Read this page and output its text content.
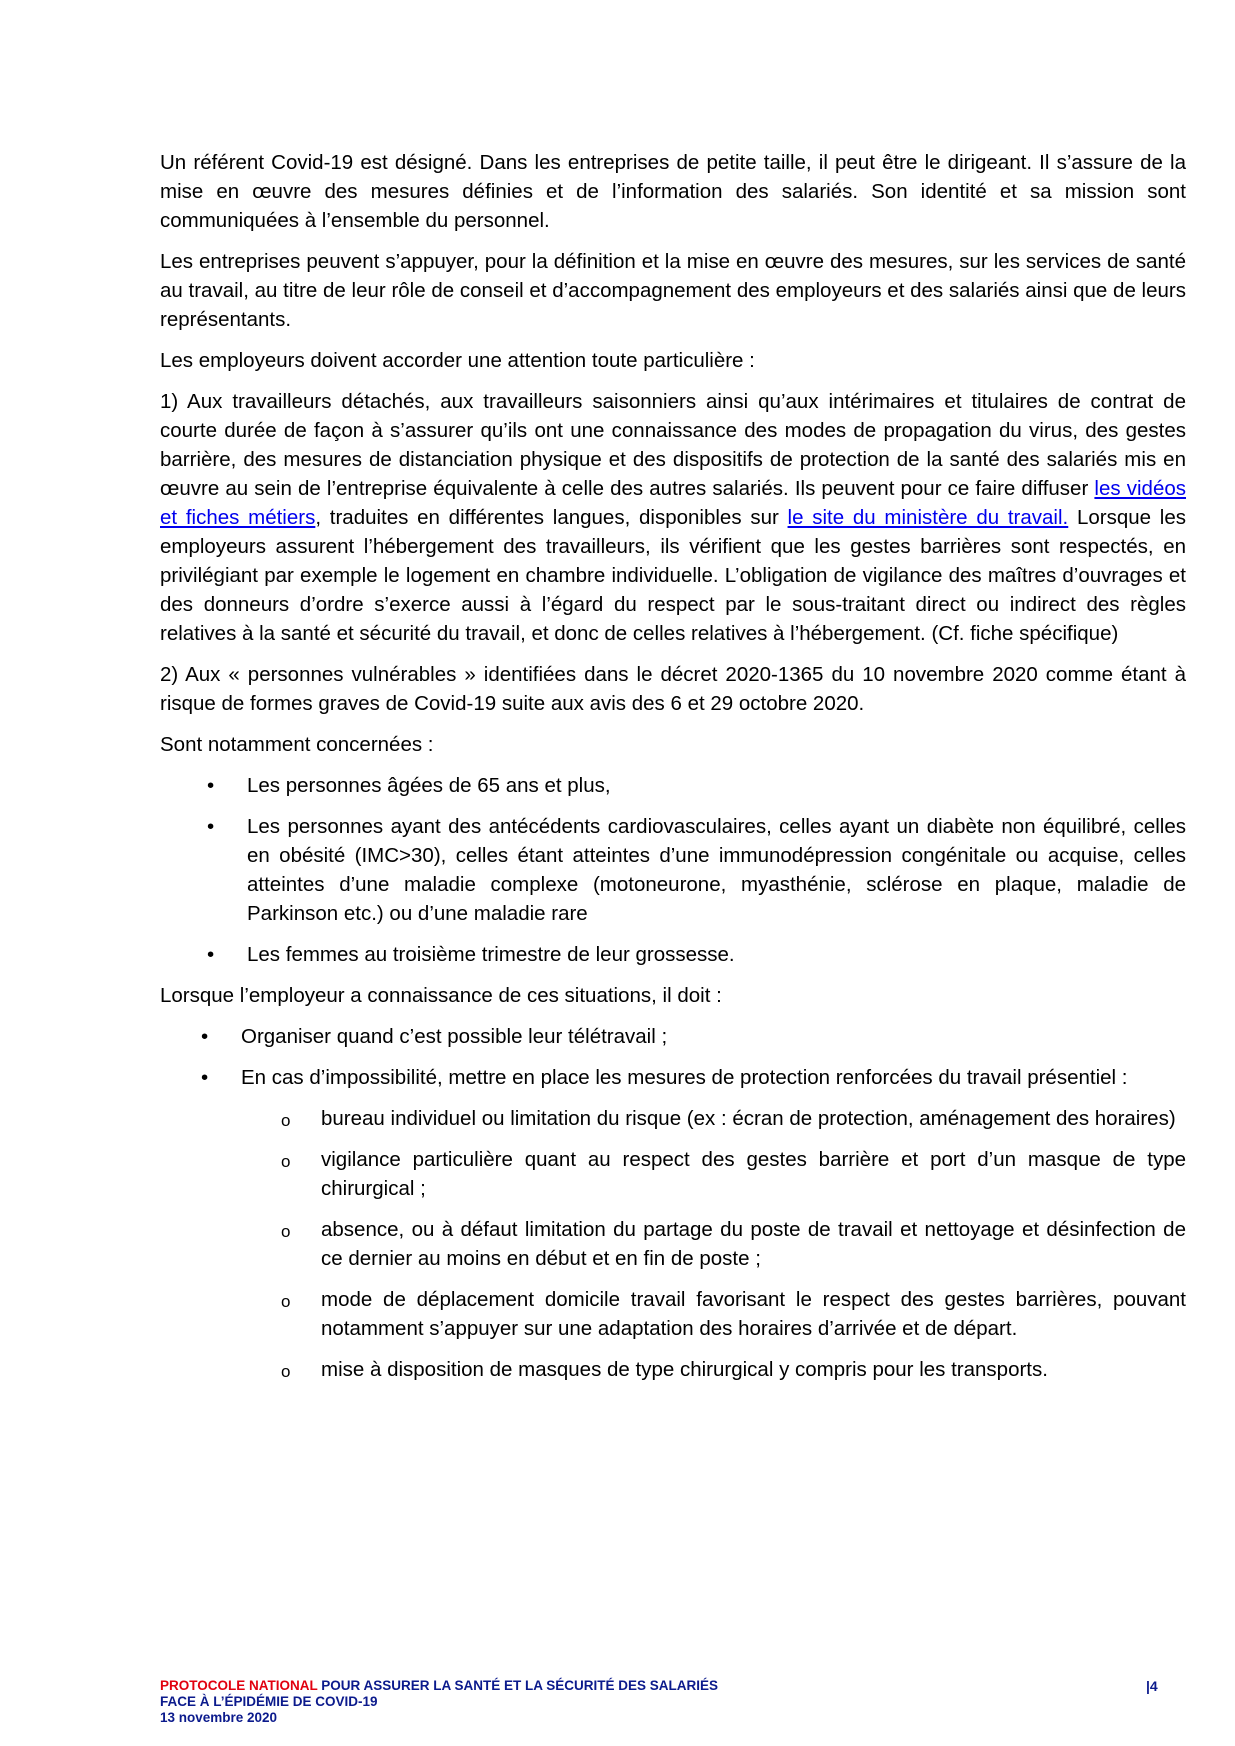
Un référent Covid-19 est désigné. Dans les entreprises de petite taille, il peut être le dirigeant. Il s’assure de la mise en œuvre des mesures définies et de l’information des salariés. Son identité et sa mission sont communiquées à l’ensemble du personnel.

Les entreprises peuvent s’appuyer, pour la définition et la mise en œuvre des mesures, sur les services de santé au travail, au titre de leur rôle de conseil et d’accompagnement des employeurs et des salariés ainsi que de leurs représentants.

Les employeurs doivent accorder une attention toute particulière :

1) Aux travailleurs détachés, aux travailleurs saisonniers ainsi qu’aux intérimaires et titulaires de contrat de courte durée de façon à s’assurer qu’ils ont une connaissance des modes de propagation du virus, des gestes barrière, des mesures de distanciation physique et des dispositifs de protection de la santé des salariés mis en œuvre au sein de l’entreprise équivalente à celle des autres salariés. Ils peuvent pour ce faire diffuser les vidéos et fiches métiers, traduites en différentes langues, disponibles sur le site du ministère du travail. Lorsque les employeurs assurent l’hébergement des travailleurs, ils vérifient que les gestes barrières sont respectés, en privilégiant par exemple le logement en chambre individuelle. L’obligation de vigilance des maîtres d’ouvrages et des donneurs d’ordre s’exerce aussi à l’égard du respect par le sous-traitant direct ou indirect des règles relatives à la santé et sécurité du travail, et donc de celles relatives à l’hébergement. (Cf. fiche spécifique)

2) Aux « personnes vulnérables » identifiées dans le décret 2020-1365 du 10 novembre 2020 comme étant à risque de formes graves de Covid-19 suite aux avis des 6 et 29 octobre 2020.

Sont notamment concernées :

• Les personnes âgées de 65 ans et plus,
• Les personnes ayant des antécédents cardiovasculaires, celles ayant un diabète non équilibré, celles en obésité (IMC>30), celles étant atteintes d’une immunodépression congénitale ou acquise, celles atteintes d’une maladie complexe (motoneurone, myasthénie, sclérose en plaque, maladie de Parkinson etc.) ou d’une maladie rare
• Les femmes au troisième trimestre de leur grossesse.

Lorsque l’employeur a connaissance de ces situations, il doit :

• Organiser quand c’est possible leur télétravail ;
• En cas d’impossibilité, mettre en place les mesures de protection renforcées du travail présentiel :
o bureau individuel ou limitation du risque (ex : écran de protection, aménagement des horaires)
o vigilance particulière quant au respect des gestes barrière et port d’un masque de type chirurgical ;
o absence, ou à défaut limitation du partage du poste de travail et nettoyage et désinfection de ce dernier au moins en début et en fin de poste ;
o mode de déplacement domicile travail favorisant le respect des gestes barrières, pouvant notamment s’appuyer sur une adaptation des horaires d’arrivée et de départ.
o mise à disposition de masques de type chirurgical y compris pour les transports.
PROTOCOLE NATIONAL POUR ASSURER LA SANTÉ ET LA SÉCURITÉ DES SALARIÉS
FACE À L’ÉPIDÉMIE DE COVID-19
13 novembre 2020
|4
